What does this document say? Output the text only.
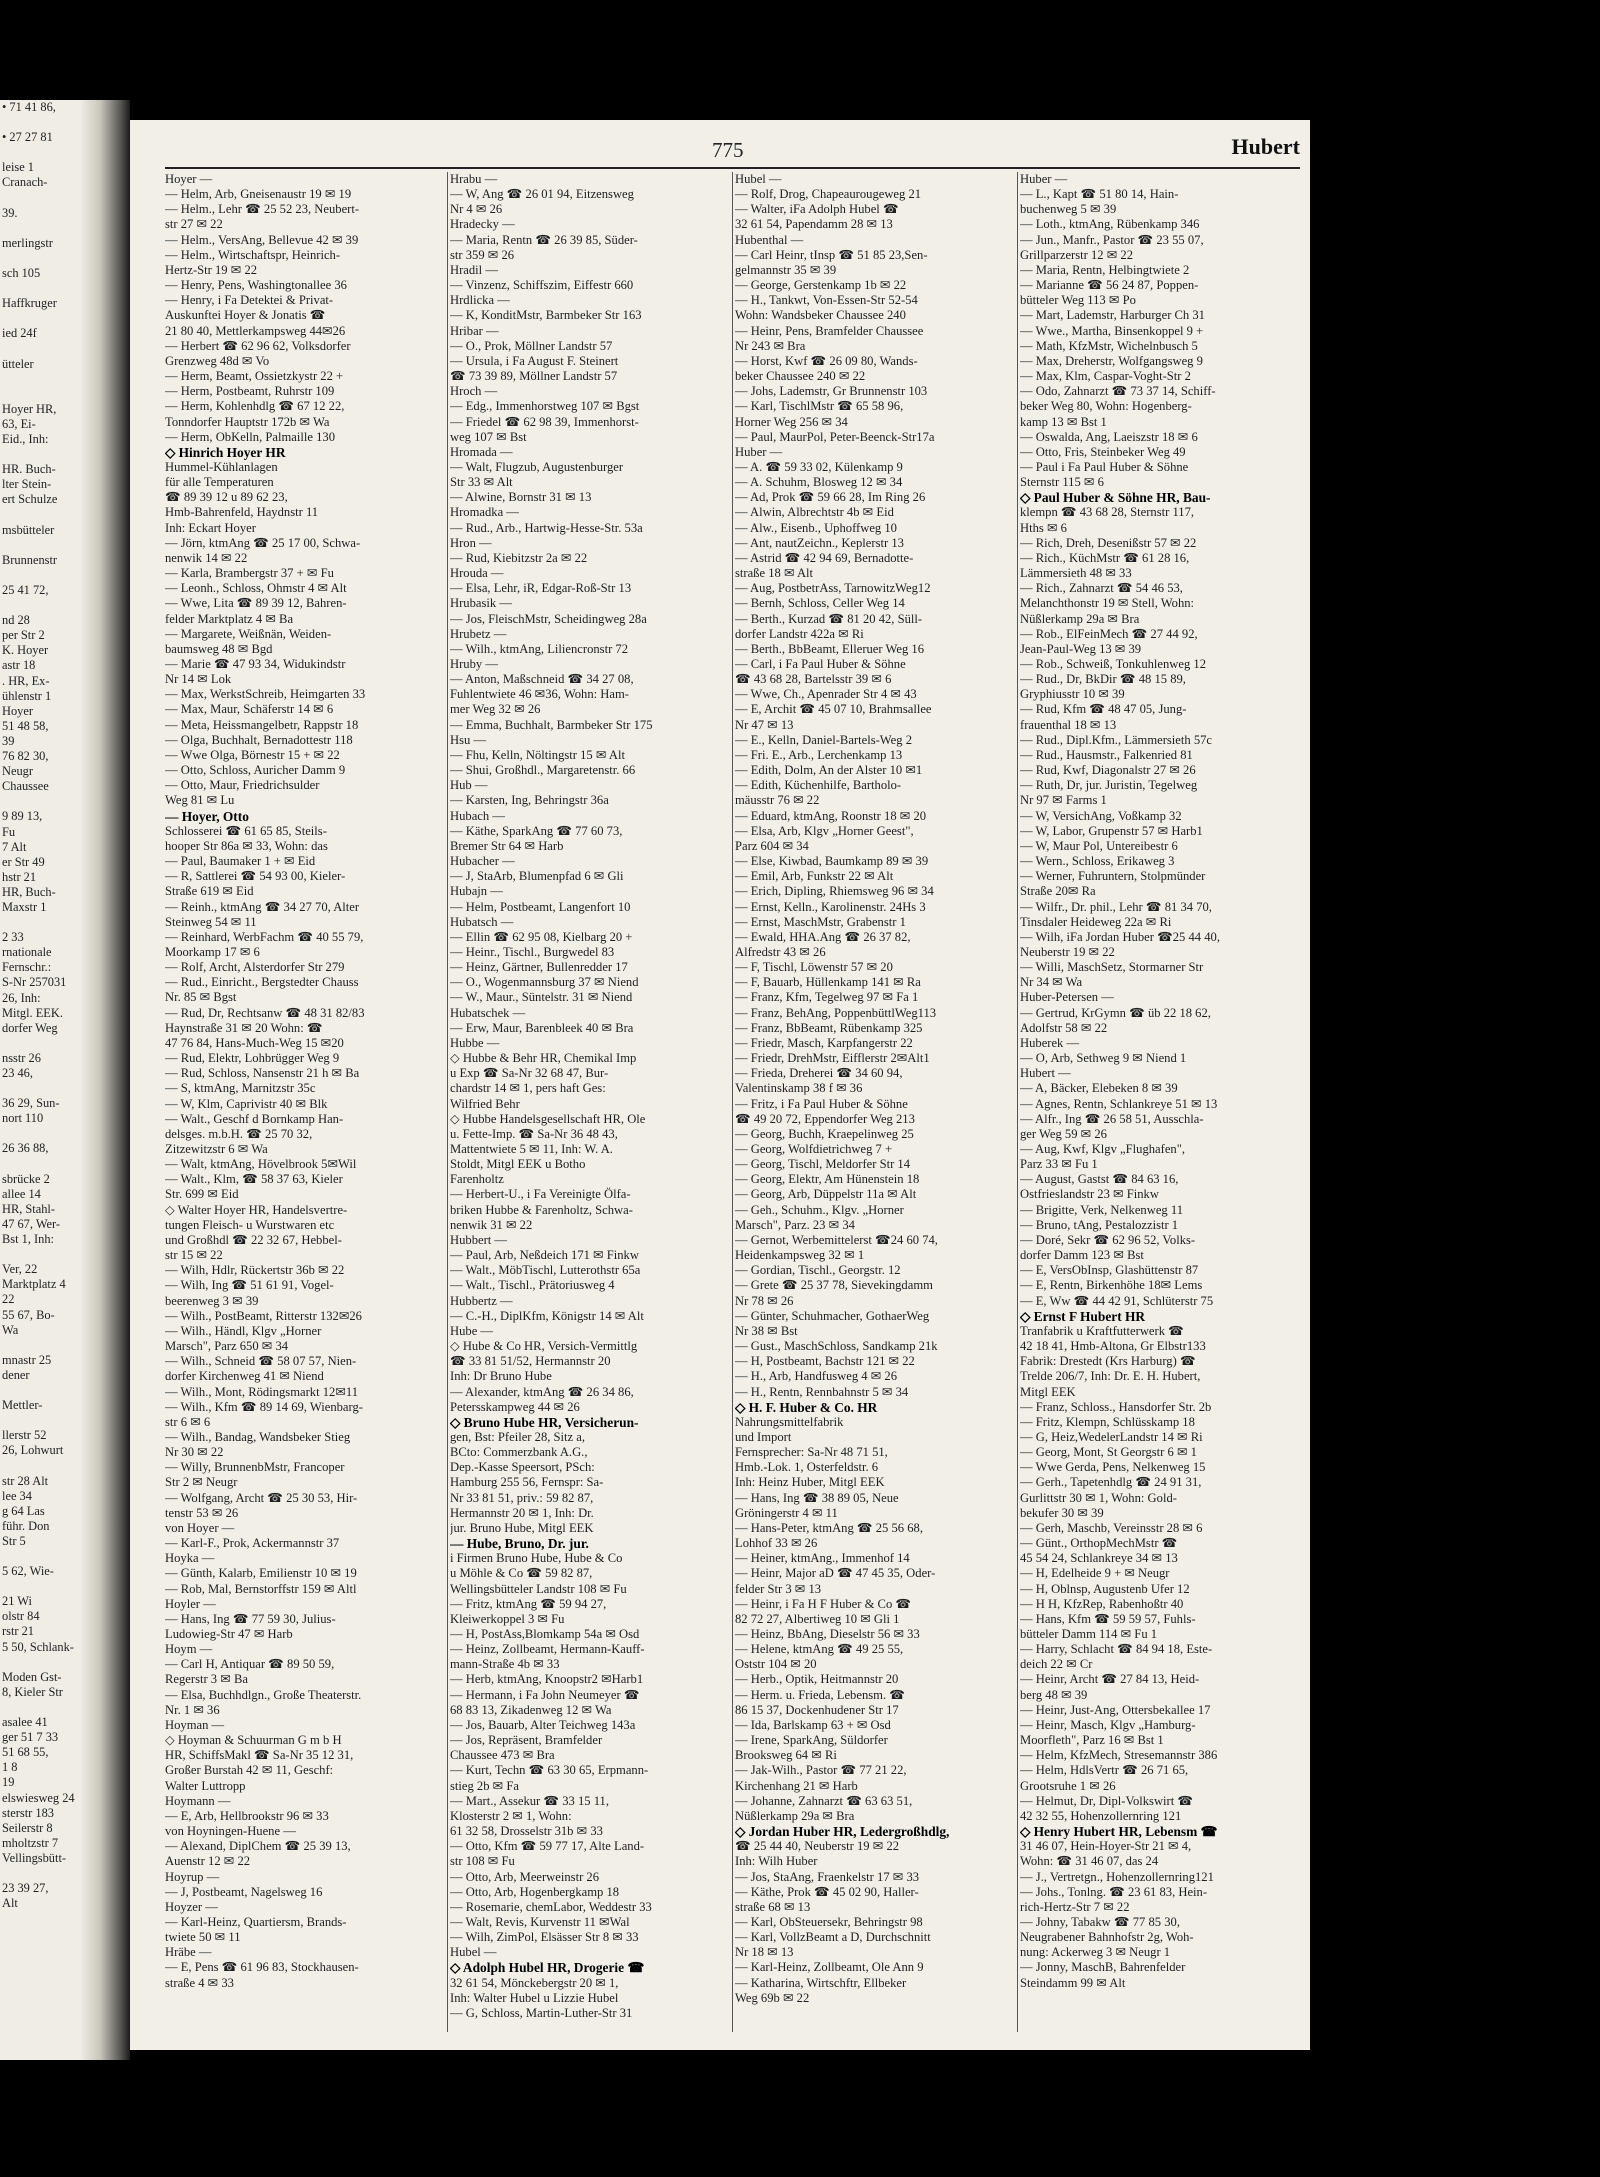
• 71 41 86,

• 27 27 81

leise 1
Cranach-

39.

merlingstr

sch 105

Haffkruger

ied 24f

ütteler

Hoyer HR,
63, Ei-
Eid., Inh:

HR. Buch-
lter Stein-
ert Schulze

msbütteler

Brunnenstr

25 41 72,

nd 28
per Str 2
K. Hoyer
astr 18
. HR, Ex-
ühlenstr 1
Hoyer
51 48 58,
39
76 82 30,
Neugr
Chaussee

9 89 13,
Fu
7 Alt
er Str 49
hstr 21
HR, Buch-
Maxstr 1

2 33
rnationale
Fernschr.:
S-Nr 257031
26, Inh:
Mitgl. EEK.
dorfer Weg

nsstr 26
23 46,

36 29, Sun-
nort 110

26 36 88,

sbrücke 2
allee 14
HR, Stahl-
47 67, Wer-
Bst 1, Inh:

Ver, 22
Marktplatz 4
22
55 67, Bo-
Wa

mnastr 25
dener

Mettler-

llerstr 52
26, Lohwurt

str 28 Alt
lee 34
g 64 Las
führ. Don
Str 5

5 62, Wie-

21 Wi
olstr 84
rstr 21
5 50, Schlank-

Moden Gst-
8, Kieler Str

asalee 41
ger 51 7 33
51 68 55,
1 8
19
elswiesweg 24
sterstr 183
Seilerstr 8
mholtzstr 7
Vellingsbütt-

23 39 27,
Alt
775	Hubert
Hoyer —
— Helm, Arb, Gneisenaustr 19 ✉ 19
— Helm., Lehr ☎ 25 52 23, Neubert-
str 27 ✉ 22
— Helm., VersAng, Bellevue 42 ✉ 39
— Helm., Wirtschaftspr, Heinrich-
Hertz-Str 19 ✉ 22
— Henry, Pens, Washingtonallee 36
— Henry, i Fa Detektei & Privat-
Auskunftei Hoyer & Jonatis ☎
21 80 40, Mettlerkampsweg 44✉26
— Herbert ☎ 62 96 62, Volksdorfer
Grenzweg 48d ✉ Vo
— Herm, Beamt, Ossietzkystr 22 +
— Herm, Postbeamt, Ruhrstr 109
— Herm, Kohlenhdlg ☎ 67 12 22,
Tonndorfer Hauptstr 172b ✉ Wa
— Herm, ObKelln, Palmaille 130
◇ Hinrich Hoyer HR
Hummel-Kühlanlagen
für alle Temperaturen
☎ 89 39 12 u 89 62 23,
Hmb-Bahrenfeld, Haydnstr 11
Inh: Eckart Hoyer
— Jörn, ktmAng ☎ 25 17 00, Schwa-
nenwik 14 ✉ 22
— Karla, Brambergstr 37 + ✉ Fu
— Leonh., Schloss, Ohmstr 4 ✉ Alt
— Wwe, Lita ☎ 89 39 12, Bahren-
felder Marktplatz 4 ✉ Ba
— Margarete, Weißnän, Weiden-
baumsweg 48 ✉ Bgd
— Marie ☎ 47 93 34, Widukindstr
Nr 14 ✉ Lok
— Max, WerkstSchreib, Heimgarten 33
— Max, Maur, Schäferstr 14 ✉ 6
— Meta, Heissmangelbetr, Rappstr 18
— Olga, Buchhalt, Bernadottestr 118
— Wwe Olga, Börnestr 15 + ✉ 22
— Otto, Schloss, Auricher Damm 9
— Otto, Maur, Friedrichsulder
Weg 81 ✉ Lu
— Hoyer, Otto
Schlosserei ☎ 61 65 85, Steils-
hooper Str 86a ✉ 33, Wohn: das
— Paul, Baumaker 1 + ✉ Eid
— R, Sattlerei ☎ 54 93 00, Kieler-
Straße 619 ✉ Eid
— Reinh., ktmAng ☎ 34 27 70, Alter
Steinweg 54 ✉ 11
— Reinhard, WerbFachm ☎ 40 55 79,
Moorkamp 17 ✉ 6
— Rolf, Archt, Alsterdorfer Str 279
— Rud., Einricht., Bergstedter Chauss
Nr. 85 ✉ Bgst
— Rud, Dr, Rechtsanw ☎ 48 31 82/83
Haynstraße 31 ✉ 20 Wohn: ☎
47 76 84, Hans-Much-Weg 15 ✉20
— Rud, Elektr, Lohbrügger Weg 9
— Rud, Schloss, Nansenstr 21 h ✉ Ba
— S, ktmAng, Marnitzstr 35c
— W, Klm, Caprivistr 40 ✉ Blk
— Walt., Geschf d Bornkamp Han-
delsges. m.b.H. ☎ 25 70 32,
Zitzewitzstr 6 ✉ Wa
— Walt, ktmAng, Hövelbrook 5✉Wil
— Walt., Klm, ☎ 58 37 63, Kieler
Str. 699 ✉ Eid
◇ Walter Hoyer HR, Handelsvertre-
tungen Fleisch- u Wurstwaren etc
und Großhdl ☎ 22 32 67, Hebbel-
str 15 ✉ 22
— Wilh, Hdlr, Rückertstr 36b ✉ 22
— Wilh, Ing ☎ 51 61 91, Vogel-
beerenweg 3 ✉ 39
— Wilh., PostBeamt, Ritterstr 132✉26
— Wilh., Händl, Klgv „Horner
Marsch", Parz 650 ✉ 34
— Wilh., Schneid ☎ 58 07 57, Nien-
dorfer Kirchenweg 41 ✉ Niend
— Wilh., Mont, Rödingsmarkt 12✉11
— Wilh., Kfm ☎ 89 14 69, Wienbarg-
str 6 ✉ 6
— Wilh., Bandag, Wandsbeker Stieg
Nr 30 ✉ 22
— Willy, BrunnenbMstr, Francoper
Str 2 ✉ Neugr
— Wolfgang, Archt ☎ 25 30 53, Hir-
tenstr 53 ✉ 26
von Hoyer —
— Karl-F., Prok, Ackermannstr 37
Hoyka —
— Günth, Kalarb, Emilienstr 10 ✉ 19
— Rob, Mal, Bernstorffstr 159 ✉ Altl
Hoyler —
— Hans, Ing ☎ 77 59 30, Julius-
Ludowieg-Str 47 ✉ Harb
Hoym —
— Carl H, Antiquar ☎ 89 50 59,
Regerstr 3 ✉ Ba
— Elsa, Buchhdlgn., Große Theaterstr.
Nr. 1 ✉ 36
Hoyman —
◇ Hoyman & Schuurman G m b H
HR, SchiffsMakl ☎ Sa-Nr 35 12 31,
Großer Burstah 42 ✉ 11, Geschf:
Walter Luttropp
Hoymann —
— E, Arb, Hellbrookstr 96 ✉ 33
von Hoyningen-Huene —
— Alexand, DiplChem ☎ 25 39 13,
Auenstr 12 ✉ 22
Hoyrup —
— J, Postbeamt, Nagelsweg 16
Hoyzer —
— Karl-Heinz, Quartiersm, Brands-
twiete 50 ✉ 11
Hräbe —
— E, Pens ☎ 61 96 83, Stockhausen-
straße 4 ✉ 33
Hrabu —
— W, Ang ☎ 26 01 94, Eitzensweg
Nr 4 ✉ 26
Hradecky —
— Maria, Rentn ☎ 26 39 85, Süder-
str 359 ✉ 26
Hradil —
— Vinzenz, Schiffszim, Eiffestr 660
Hrdlicka —
— K, KonditMstr, Barmbeker Str 163
Hribar —
— O., Prok, Möllner Landstr 57
— Ursula, i Fa August F. Steinert
☎ 73 39 89, Möllner Landstr 57
Hroch —
— Edg., Immenhorstweg 107 ✉ Bgst
— Friedel ☎ 62 98 39, Immenhorst-
weg 107 ✉ Bst
Hromada —
— Walt, Flugzub, Augustenburger
Str 33 ✉ Alt
— Alwine, Bornstr 31 ✉ 13
Hromadka —
— Rud., Arb., Hartwig-Hesse-Str. 53a
Hron —
— Rud, Kiebitzstr 2a ✉ 22
Hrouda —
— Elsa, Lehr, iR, Edgar-Roß-Str 13
Hrubasik —
— Jos, FleischMstr, Scheidingweg 28a
Hrubetz —
— Wilh., ktmAng, Liliencronstr 72
Hruby —
— Anton, Maßschneid ☎ 34 27 08,
Fuhlentwiete 46 ✉36, Wohn: Ham-
mer Weg 32 ✉ 26
— Emma, Buchhalt, Barmbeker Str 175
Hsu —
— Fhu, Kelln, Nöltingstr 15 ✉ Alt
— Shui, Großhdl., Margaretenstr. 66
Hub —
— Karsten, Ing, Behringstr 36a
Hubach —
— Käthe, SparkAng ☎ 77 60 73,
Bremer Str 64 ✉ Harb
Hubacher —
— J, StaArb, Blumenpfad 6 ✉ Gli
Hubajn —
— Helm, Postbeamt, Langenfort 10
Hubatsch —
— Ellin ☎ 62 95 08, Kielbarg 20 +
— Heinr., Tischl., Burgwedel 83
— Heinz, Gärtner, Bullenredder 17
— O., Wogenmannsburg 37 ✉ Niend
— W., Maur., Süntelstr. 31 ✉ Niend
Hubatschek —
— Erw, Maur, Barenbleek 40 ✉ Bra
Hubbe —
◇ Hubbe & Behr HR, Chemikal Imp
u Exp ☎ Sa-Nr 32 68 47, Bur-
chardstr 14 ✉ 1, pers haft Ges:
Wilfried Behr
◇ Hubbe Handelsgesellschaft HR, Ole
u. Fette-Imp. ☎ Sa-Nr 36 48 43,
Mattentwiete 5 ✉ 11, Inh: W. A.
Stoldt, Mitgl EEK u Botho
Farenholtz
— Herbert-U., i Fa Vereinigte Ölfa-
briken Hubbe & Farenholtz, Schwa-
nenwik 31 ✉ 22
Hubbert —
— Paul, Arb, Neßdeich 171 ✉ Finkw
— Walt., MöbTischl, Lutterothstr 65a
— Walt., Tischl., Prätoriusweg 4
Hubbertz —
— C.-H., DiplKfm, Königstr 14 ✉ Alt
Hube —
◇ Hube & Co HR, Versich-Vermittlg
☎ 33 81 51/52, Hermannstr 20
Inh: Dr Bruno Hube
— Alexander, ktmAng ☎ 26 34 86,
Petersskampweg 44 ✉ 26
◇ Bruno Hube HR, Versicherun-
gen, Bst: Pfeiler 28, Sitz a,
BCto: Commerzbank A.G.,
Dep.-Kasse Speersort, PSch:
Hamburg 255 56, Fernspr: Sa-
Nr 33 81 51, priv.: 59 82 87,
Hermannstr 20 ✉ 1, Inh: Dr.
jur. Bruno Hube, Mitgl EEK
— Hube, Bruno, Dr. jur.
i Firmen Bruno Hube, Hube & Co
u Möhle & Co ☎ 59 82 87,
Wellingsbütteler Landstr 108 ✉ Fu
— Fritz, ktmAng ☎ 59 94 27,
Kleiwerkoppel 3 ✉ Fu
— H, PostAss,Blomkamp 54a ✉ Osd
— Heinz, Zollbeamt, Hermann-Kauff-
mann-Straße 4b ✉ 33
— Herb, ktmAng, Knoopstr2 ✉Harb1
— Hermann, i Fa John Neumeyer ☎
68 83 13, Zikadenweg 12 ✉ Wa
— Jos, Bauarb, Alter Teichweg 143a
— Jos, Repräsent, Bramfelder
Chaussee 473 ✉ Bra
— Kurt, Techn ☎ 63 30 65, Erpmann-
stieg 2b ✉ Fa
— Mart., Assekur ☎ 33 15 11,
Klosterstr 2 ✉ 1, Wohn:
61 32 58, Drosselstr 31b ✉ 33
— Otto, Kfm ☎ 59 77 17, Alte Land-
str 108 ✉ Fu
— Otto, Arb, Meerweinstr 26
— Otto, Arb, Hogenbergkamp 18
— Rosemarie, chemLabor, Weddestr 33
— Walt, Revis, Kurvenstr 11 ✉Wal
— Wilh, ZimPol, Elsässer Str 8 ✉ 33
Hubel —
◇ Adolph Hubel HR, Drogerie ☎
32 61 54, Mönckebergstr 20 ✉ 1,
Inh: Walter Hubel u Lizzie Hubel
— G, Schloss, Martin-Luther-Str 31
Hubel —
— Rolf, Drog, Chapeaurougeweg 21
— Walter, iFa Adolph Hubel ☎
32 61 54, Papendamm 28 ✉ 13
Hubenthal —
— Carl Heinr, tInsp ☎ 51 85 23,Sen-
gelmannstr 35 ✉ 39
— George, Gerstenkamp 1b ✉ 22
— H., Tankwt, Von-Essen-Str 52-54
Wohn: Wandsbeker Chaussee 240
— Heinr, Pens, Bramfelder Chaussee
Nr 243 ✉ Bra
— Horst, Kwf ☎ 26 09 80, Wands-
beker Chaussee 240 ✉ 22
— Johs, Lademstr, Gr Brunnenstr 103
— Karl, TischlMstr ☎ 65 58 96,
Horner Weg 256 ✉ 34
— Paul, MaurPol, Peter-Beenck-Str17a
Huber —
— A. ☎ 59 33 02, Külenkamp 9
— A. Schuhm, Blosweg 12 ✉ 34
— Ad, Prok ☎ 59 66 28, Im Ring 26
— Alwin, Albrechtstr 4b ✉ Eid
— Alw., Eisenb., Uphoffweg 10
— Ant, nautZeichn., Keplerstr 13
— Astrid ☎ 42 94 69, Bernadotte-
straße 18 ✉ Alt
— Aug, PostbetrAss, TarnowitzWeg12
— Bernh, Schloss, Celler Weg 14
— Berth., Kurzad ☎ 81 20 42, Süll-
dorfer Landstr 422a ✉ Ri
— Berth., BbBeamt, Elleruer Weg 16
— Carl, i Fa Paul Huber & Söhne
☎ 43 68 28, Bartelsstr 39 ✉ 6
— Wwe, Ch., Apenrader Str 4 ✉ 43
— E, Archit ☎ 45 07 10, Brahmsallee
Nr 47 ✉ 13
— E., Kelln, Daniel-Bartels-Weg 2
— Fri. E., Arb., Lerchenkamp 13
— Edith, Dolm, An der Alster 10 ✉1
— Edith, Küchenhilfe, Bartholo-
mäusstr 76 ✉ 22
— Eduard, ktmAng, Roonstr 18 ✉ 20
— Elsa, Arb, Klgv „Horner Geest",
Parz 604 ✉ 34
— Else, Kiwbad, Baumkamp 89 ✉ 39
— Emil, Arb, Funkstr 22 ✉ Alt
— Erich, Dipling, Rhiemsweg 96 ✉ 34
— Ernst, Kelln., Karolinenstr. 24Hs 3
— Ernst, MaschMstr, Grabenstr 1
— Ewald, HHA.Ang ☎ 26 37 82,
Alfredstr 43 ✉ 26
— F, Tischl, Löwenstr 57 ✉ 20
— F, Bauarb, Hüllenkamp 141 ✉ Ra
— Franz, Kfm, Tegelweg 97 ✉ Fa 1
— Franz, BehAng, PoppenbüttlWeg113
— Franz, BbBeamt, Rübenkamp 325
— Friedr, Masch, Karpfangerstr 22
— Friedr, DrehMstr, Eifflerstr 2✉Alt1
— Frieda, Dreherei ☎ 34 60 94,
Valentinskamp 38 f ✉ 36
— Fritz, i Fa Paul Huber & Söhne
☎ 49 20 72, Eppendorfer Weg 213
— Georg, Buchh, Kraepelinweg 25
— Georg, Wolfdietrichweg 7 +
— Georg, Tischl, Meldorfer Str 14
— Georg, Elektr, Am Hünenstein 18
— Georg, Arb, Düppelstr 11a ✉ Alt
— Geh., Schuhm., Klgv. „Horner
Marsch", Parz. 23 ✉ 34
— Gernot, Werbemittelerst ☎24 60 74,
Heidenkampsweg 32 ✉ 1
— Gordian, Tischl., Georgstr. 12
— Grete ☎ 25 37 78, Sievekingdamm
Nr 78 ✉ 26
— Günter, Schuhmacher, GothaerWeg
Nr 38 ✉ Bst
— Gust., MaschSchloss, Sandkamp 21k
— H, Postbeamt, Bachstr 121 ✉ 22
— H., Arb, Handfusweg 4 ✉ 26
— H., Rentn, Rennbahnstr 5 ✉ 34
◇ H. F. Huber & Co. HR
Nahrungsmittelfabrik
und Import
Fernsprecher: Sa-Nr 48 71 51,
Hmb.-Lok. 1, Osterfeldstr. 6
Inh: Heinz Huber, Mitgl EEK
— Hans, Ing ☎ 38 89 05, Neue
Gröningerstr 4 ✉ 11
— Hans-Peter, ktmAng ☎ 25 56 68,
Lohhof 33 ✉ 26
— Heiner, ktmAng., Immenhof 14
— Heinr, Major aD ☎ 47 45 35, Oder-
felder Str 3 ✉ 13
— Heinr, i Fa H F Huber & Co ☎
82 72 27, Albertiweg 10 ✉ Gli 1
— Heinz, BbAng, Dieselstr 56 ✉ 33
— Helene, ktmAng ☎ 49 25 55,
Oststr 104 ✉ 20
— Herb., Optik, Heitmannstr 20
— Herm. u. Frieda, Lebensm. ☎
86 15 37, Dockenhudener Str 17
— Ida, Barlskamp 63 + ✉ Osd
— Irene, SparkAng, Süldorfer
Brooksweg 64 ✉ Ri
— Jak-Wilh., Pastor ☎ 77 21 22,
Kirchenhang 21 ✉ Harb
— Johanne, Zahnarzt ☎ 63 63 51,
Nüßlerkamp 29a ✉ Bra
◇ Jordan Huber HR, Ledergroßhdlg,
☎ 25 44 40, Neuberstr 19 ✉ 22
Inh: Wilh Huber
— Jos, StaAng, Fraenkelstr 17 ✉ 33
— Käthe, Prok ☎ 45 02 90, Haller-
straße 68 ✉ 13
— Karl, ObSteuersekr, Behringstr 98
— Karl, VollzBeamt a D, Durchschnitt
Nr 18 ✉ 13
— Karl-Heinz, Zollbeamt, Ole Ann 9
— Katharina, Wirtschftr, Ellbeker
Weg 69b ✉ 22
Huber —
— L., Kapt ☎ 51 80 14, Hain-
buchenweg 5 ✉ 39
— Loth., ktmAng, Rübenkamp 346
— Jun., Manfr., Pastor ☎ 23 55 07,
Grillparzerstr 12 ✉ 22
— Maria, Rentn, Helbingtwiete 2
— Marianne ☎ 56 24 87, Poppen-
bütteler Weg 113 ✉ Po
— Mart, Lademstr, Harburger Ch 31
— Wwe., Martha, Binsenkoppel 9 +
— Math, KfzMstr, Wichelnbusch 5
— Max, Dreherstr, Wolfgangsweg 9
— Max, Klm, Caspar-Voght-Str 2
— Odo, Zahnarzt ☎ 73 37 14, Schiff-
beker Weg 80, Wohn: Hogenberg-
kamp 13 ✉ Bst 1
— Oswalda, Ang, Laeiszstr 18 ✉ 6
— Otto, Fris, Steinbeker Weg 49
— Paul i Fa Paul Huber & Söhne
Sternstr 115 ✉ 6
◇ Paul Huber & Söhne HR, Bau-
klempn ☎ 43 68 28, Sternstr 117,
Hths ✉ 6
— Rich, Dreh, Desenißstr 57 ✉ 22
— Rich., KüchMstr ☎ 61 28 16,
Lämmersieth 48 ✉ 33
— Rich., Zahnarzt ☎ 54 46 53,
Melanchthonstr 19 ✉ Stell, Wohn:
Nüßlerkamp 29a ✉ Bra
— Rob., ElFeinMech ☎ 27 44 92,
Jean-Paul-Weg 13 ✉ 39
— Rob., Schweiß, Tonkuhlenweg 12
— Rud., Dr, BkDir ☎ 48 15 89,
Gryphiusstr 10 ✉ 39
— Rud, Kfm ☎ 48 47 05, Jung-
frauenthal 18 ✉ 13
— Rud., Dipl.Kfm., Lämmersieth 57c
— Rud., Hausmstr., Falkenried 81
— Rud, Kwf, Diagonalstr 27 ✉ 26
— Ruth, Dr, jur. Juristin, Tegelweg
Nr 97 ✉ Farms 1
— W, VersichAng, Voßkamp 32
— W, Labor, Grupenstr 57 ✉ Harb1
— W, Maur Pol, Untereibestr 6
— Wern., Schloss, Erikaweg 3
— Werner, Fuhruntern, Stolpmünder
Straße 20✉ Ra
— Wilfr., Dr. phil., Lehr ☎ 81 34 70,
Tinsdaler Heideweg 22a ✉ Ri
— Wilh, iFa Jordan Huber ☎25 44 40,
Neuberstr 19 ✉ 22
— Willi, MaschSetz, Stormarner Str
Nr 34 ✉ Wa
Huber-Petersen —
— Gertrud, KrGymn ☎ üb 22 18 62,
Adolfstr 58 ✉ 22
Huberek —
— O, Arb, Sethweg 9 ✉ Niend 1
Hubert —
— A, Bäcker, Elebeken 8 ✉ 39
— Agnes, Rentn, Schlankreye 51 ✉ 13
— Alfr., Ing ☎ 26 58 51, Ausschla-
ger Weg 59 ✉ 26
— Aug, Kwf, Klgv „Flughafen",
Parz 33 ✉ Fu 1
— August, Gastst ☎ 84 63 16,
Ostfrieslandstr 23 ✉ Finkw
— Brigitte, Verk, Nelkenweg 11
— Bruno, tAng, Pestalozzistr 1
— Doré, Sekr ☎ 62 96 52, Volks-
dorfer Damm 123 ✉ Bst
— E, VersObInsp, Glashüttenstr 87
— E, Rentn, Birkenhöhe 18✉ Lems
— E, Ww ☎ 44 42 91, Schlüterstr 75
◇ Ernst F Hubert HR
Tranfabrik u Kraftfutterwerk ☎
42 18 41, Hmb-Altona, Gr Elbstr133
Fabrik: Drestedt (Krs Harburg) ☎
Trelde 206/7, Inh: Dr. E. H. Hubert,
Mitgl EEK
— Franz, Schloss., Hansdorfer Str. 2b
— Fritz, Klempn, Schlüsskamp 18
— G, Heiz,WedelerLandstr 14 ✉ Ri
— Georg, Mont, St Georgstr 6 ✉ 1
— Wwe Gerda, Pens, Nelkenweg 15
— Gerh., Tapetenhdlg ☎ 24 91 31,
Gurlittstr 30 ✉ 1, Wohn: Gold-
bekufer 30 ✉ 39
— Gerh, Maschb, Vereinsstr 28 ✉ 6
— Günt., OrthopMechMstr ☎
45 54 24, Schlankreye 34 ✉ 13
— H, Edelheide 9 + ✉ Neugr
— H, Oblnsp, Augustenb Ufer 12
— H H, KfzRep, Rabenhoßtr 40
— Hans, Kfm ☎ 59 59 57, Fuhls-
bütteler Damm 114 ✉ Fu 1
— Harry, Schlacht ☎ 84 94 18, Este-
deich 22 ✉ Cr
— Heinr, Archt ☎ 27 84 13, Heid-
berg 48 ✉ 39
— Heinr, Just-Ang, Ottersbekallee 17
— Heinr, Masch, Klgv „Hamburg-
Moorfleth", Parz 16 ✉ Bst 1
— Helm, KfzMech, Stresemannstr 386
— Helm, HdlsVertr ☎ 26 71 65,
Grootsruhe 1 ✉ 26
— Helmut, Dr, Dipl-Volkswirt ☎
42 32 55, Hohenzollernring 121
◇ Henry Hubert HR, Lebensm ☎
31 46 07, Hein-Hoyer-Str 21 ✉ 4,
Wohn: ☎ 31 46 07, das 24
— J., Vertretgn., Hohenzollernring121
— Johs., Tonlng. ☎ 23 61 83, Hein-
rich-Hertz-Str 7 ✉ 22
— Johny, Tabakw ☎ 77 85 30,
Neugrabener Bahnhofstr 2g, Woh-
nung: Ackerweg 3 ✉ Neugr 1
— Jonny, MaschB, Bahrenfelder
Steindamm 99 ✉ Alt
